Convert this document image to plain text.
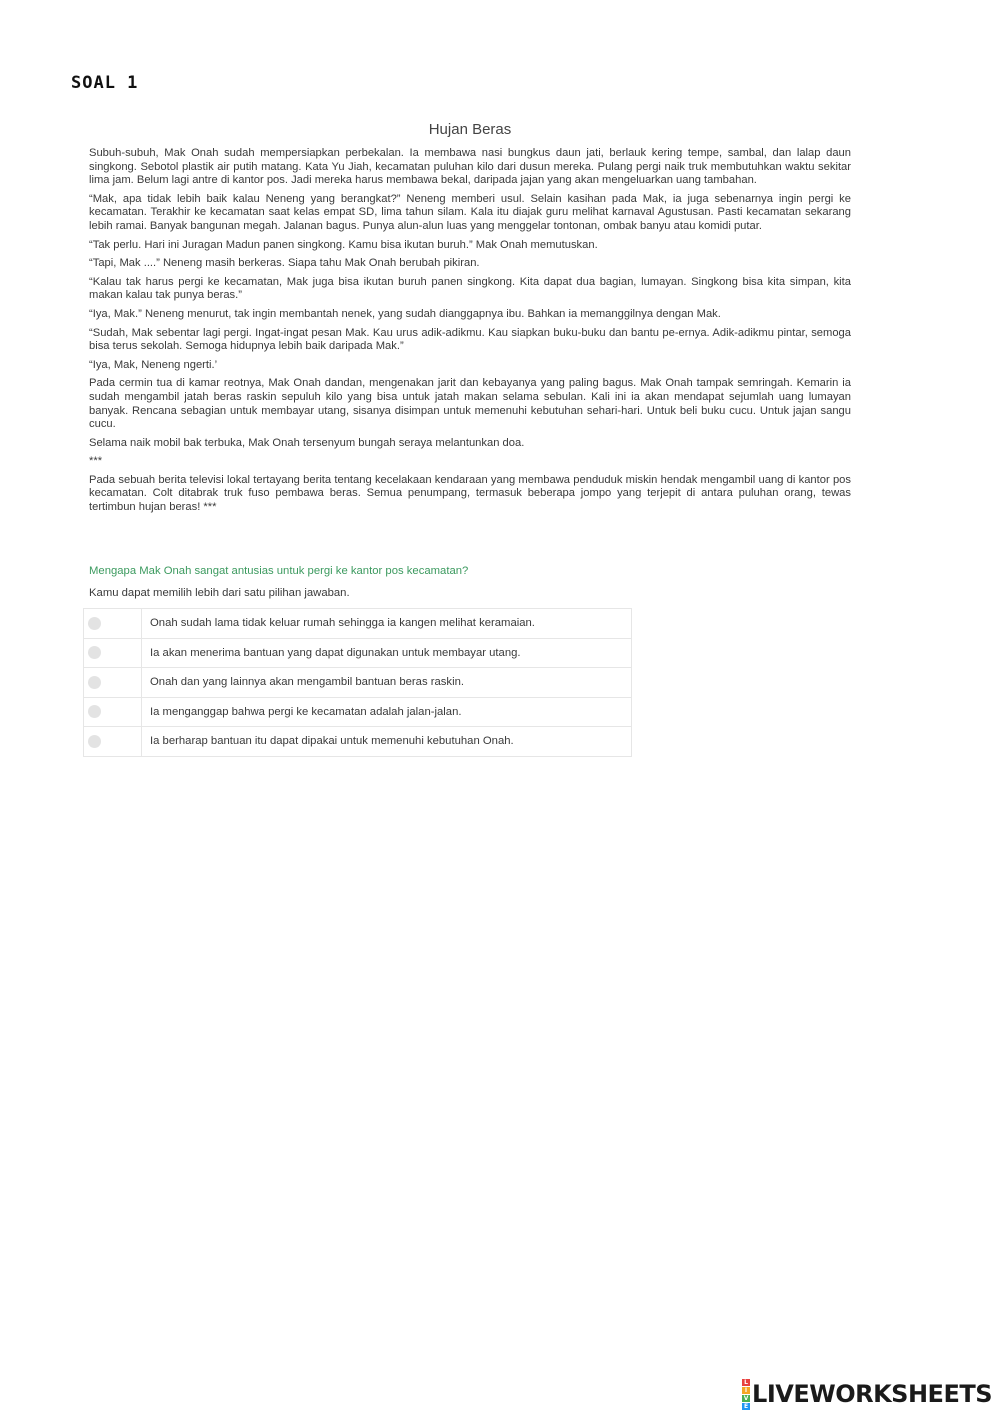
SOAL 1
Hujan Beras

Subuh-subuh, Mak Onah sudah mempersiapkan perbekalan. Ia membawa nasi bungkus daun jati, berlauk kering tempe, sambal, dan lalap daun singkong. Sebotol plastik air putih matang. Kata Yu Jiah, kecamatan puluhan kilo dari dusun mereka. Pulang pergi naik truk membutuhkan waktu sekitar lima jam. Belum lagi antre di kantor pos. Jadi mereka harus membawa bekal, daripada jajan yang akan mengeluarkan uang tambahan.

“Mak, apa tidak lebih baik kalau Neneng yang berangkat?” Neneng memberi usul. Selain kasihan pada Mak, ia juga sebenarnya ingin pergi ke kecamatan. Terakhir ke kecamatan saat kelas empat SD, lima tahun silam. Kala itu diajak guru melihat karnaval Agustusan. Pasti kecamatan sekarang lebih ramai. Banyak bangunan megah. Jalanan bagus. Punya alun-alun luas yang menggelar tontonan, ombak banyu atau komidi putar.

“Tak perlu. Hari ini Juragan Madun panen singkong. Kamu bisa ikutan buruh.” Mak Onah memutuskan.

“Tapi, Mak ....” Neneng masih berkeras. Siapa tahu Mak Onah berubah pikiran.

“Kalau tak harus pergi ke kecamatan, Mak juga bisa ikutan buruh panen singkong. Kita dapat dua bagian, lumayan. Singkong bisa kita simpan, kita makan kalau tak punya beras.”

“Iya, Mak.” Neneng menurut, tak ingin membantah nenek, yang sudah dianggapnya ibu. Bahkan ia memanggilnya dengan Mak.

“Sudah, Mak sebentar lagi pergi. Ingat-ingat pesan Mak. Kau urus adik-adikmu. Kau siapkan buku-buku dan bantu pe-ernya. Adik-adikmu pintar, semoga bisa terus sekolah. Semoga hidupnya lebih baik daripada Mak.”

“Iya, Mak, Neneng ngerti.’

Pada cermin tua di kamar reotnya, Mak Onah dandan, mengenakan jarit dan kebayanya yang paling bagus. Mak Onah tampak semringah. Kemarin ia sudah mengambil jatah beras raskin sepuluh kilo yang bisa untuk jatah makan selama sebulan. Kali ini ia akan mendapat sejumlah uang lumayan banyak. Rencana sebagian untuk membayar utang, sisanya disimpan untuk memenuhi kebutuhan sehari-hari. Untuk beli buku cucu. Untuk jajan sangu cucu.

Selama naik mobil bak terbuka, Mak Onah tersenyum bungah seraya melantunkan doa.

***

Pada sebuah berita televisi lokal tertayang berita tentang kecelakaan kendaraan yang membawa penduduk miskin hendak mengambil uang di kantor pos kecamatan. Colt ditabrak truk fuso pembawa beras. Semua penumpang, termasuk beberapa jompo yang terjepit di antara puluhan orang, tewas tertimbun hujan beras! ***

Mengapa Mak Onah sangat antusias untuk pergi ke kantor pos kecamatan?
Kamu dapat memilih lebih dari satu pilihan jawaban.
Onah sudah lama tidak keluar rumah sehingga ia kangen melihat keramaian.
Ia akan menerima bantuan yang dapat digunakan untuk membayar utang.
Onah dan yang lainnya akan mengambil bantuan beras raskin.
Ia menganggap bahwa pergi ke kecamatan adalah jalan-jalan.
Ia berharap bantuan itu dapat dipakai untuk memenuhi kebutuhan Onah.
L
I
V
E LIVEWORKSHEETS
